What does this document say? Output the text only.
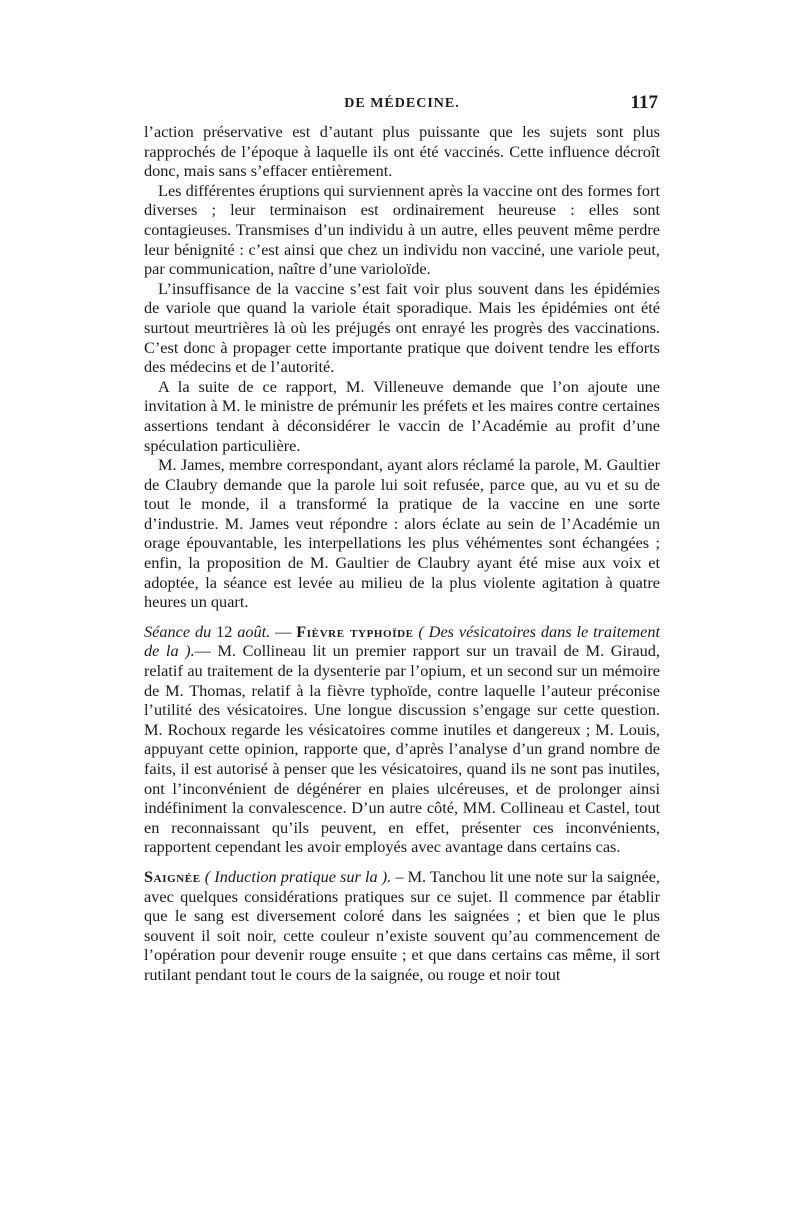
DE MÉDECINE.	117

l’action préservative est d’autant plus puissante que les sujets sont plus rapprochés de l’époque à laquelle ils ont été vaccinés. Cette influence décroît donc, mais sans s’effacer entièrement.

Les différentes éruptions qui surviennent après la vaccine ont des formes fort diverses ; leur terminaison est ordinairement heureuse : elles sont contagieuses. Transmises d’un individu à un autre, elles peuvent même perdre leur bénignité : c’est ainsi que chez un individu non vacciné, une variole peut, par communication, naître d’une varioloïde.

L’insuffisance de la vaccine s’est fait voir plus souvent dans les épidémies de variole que quand la variole était sporadique. Mais les épidémies ont été surtout meurtrières là où les préjugés ont enrayé les progrès des vaccinations. C’est donc à propager cette importante pratique que doivent tendre les efforts des médecins et de l’autorité.

A la suite de ce rapport, M. Villeneuve demande que l’on ajoute une invitation à M. le ministre de prémunir les préfets et les maires contre certaines assertions tendant à déconsidérer le vaccin de l’Académie au profit d’une spéculation particulière.

M. James, membre correspondant, ayant alors réclamé la parole, M. Gaultier de Claubry demande que la parole lui soit refusée, parce que, au vu et su de tout le monde, il a transformé la pratique de la vaccine en une sorte d’industrie. M. James veut répondre : alors éclate au sein de l’Académie un orage épouvantable, les interpellations les plus véhémentes sont échangées ; enfin, la proposition de M. Gaultier de Claubry ayant été mise aux voix et adoptée, la séance est levée au milieu de la plus violente agitation à quatre heures un quart.

Séance du 12 août. — Fièvre typhoïde ( Des vésicatoires dans le traitement de la ).— M. Collineau lit un premier rapport sur un travail de M. Giraud, relatif au traitement de la dysenterie par l’opium, et un second sur un mémoire de M. Thomas, relatif à la fièvre typhoïde, contre laquelle l’auteur préconise l’utilité des vésicatoires. Une longue discussion s’engage sur cette question. M. Rochoux regarde les vésicatoires comme inutiles et dangereux ; M. Louis, appuyant cette opinion, rapporte que, d’après l’analyse d’un grand nombre de faits, il est autorisé à penser que les vésicatoires, quand ils ne sont pas inutiles, ont l’inconvénient de dégénérer en plaies ulcéreuses, et de prolonger ainsi indéfiniment la convalescence. D’un autre côté, MM. Collineau et Castel, tout en reconnaissant qu’ils peuvent, en effet, présenter ces inconvénients, rapportent cependant les avoir employés avec avantage dans certains cas.

Saignée ( Induction pratique sur la ). – M. Tanchou lit une note sur la saignée, avec quelques considérations pratiques sur ce sujet. Il commence par établir que le sang est diversement coloré dans les saignées ; et bien que le plus souvent il soit noir, cette couleur n’existe souvent qu’au commencement de l’opération pour devenir rouge ensuite ; et que dans certains cas même, il sort rutilant pendant tout le cours de la saignée, ou rouge et noir tout
